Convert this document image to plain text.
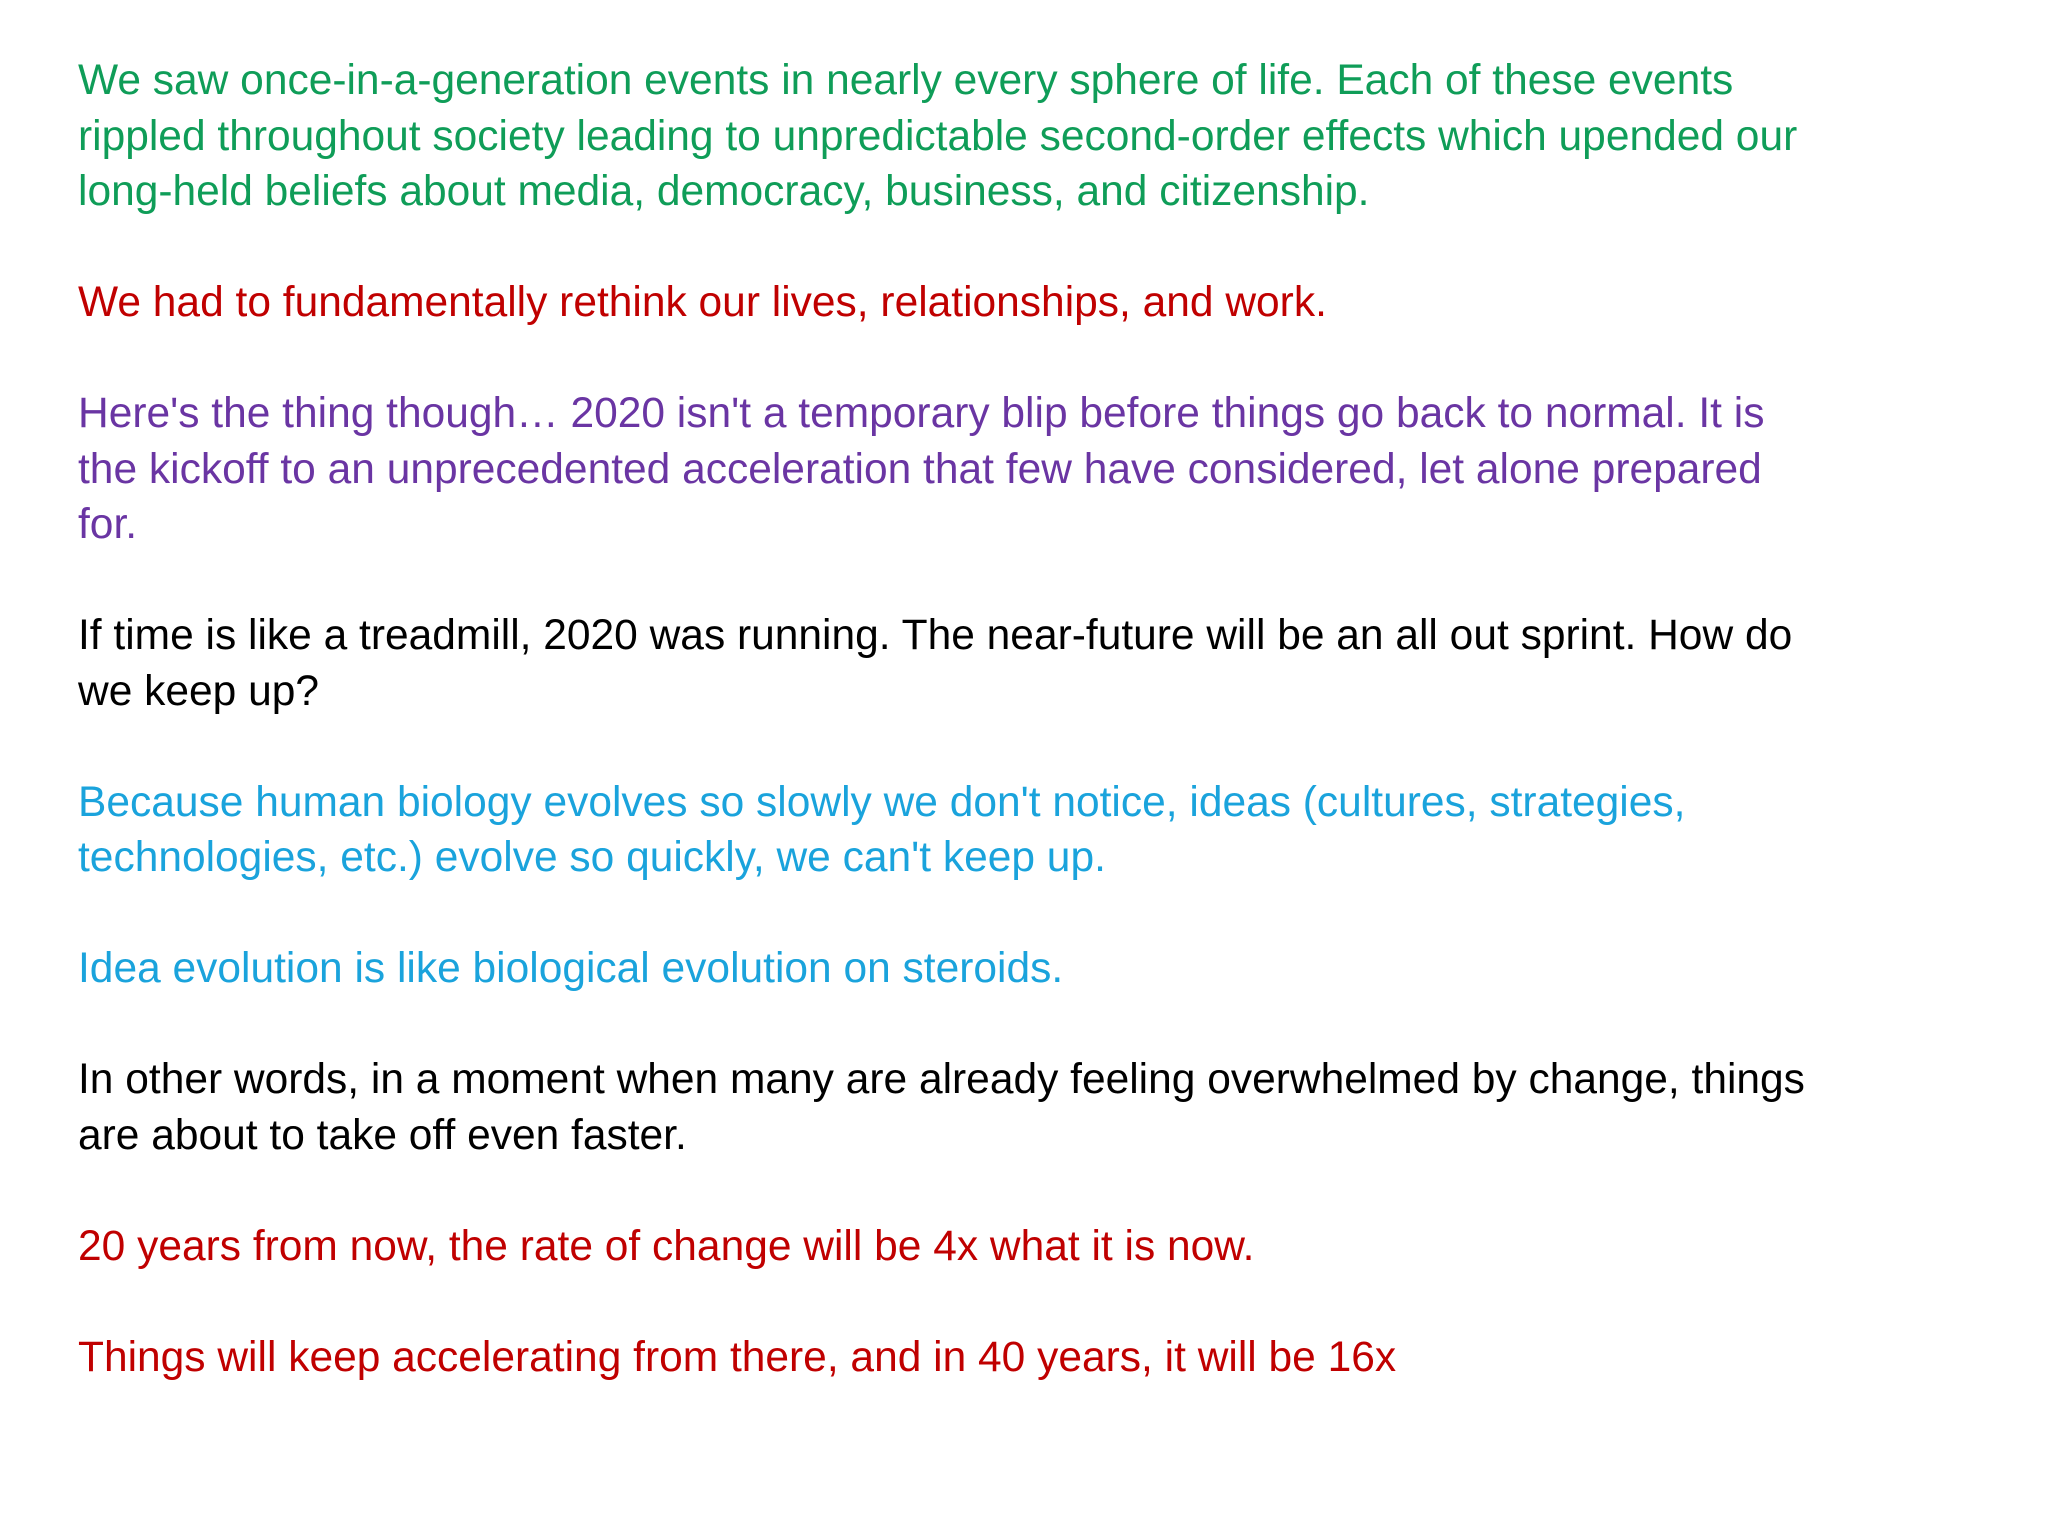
We saw once-in-a-generation events in nearly every sphere of life. Each of these events
rippled throughout society leading to unpredictable second-order effects which upended our
long-held beliefs about media, democracy, business, and citizenship.

We had to fundamentally rethink our lives, relationships, and work.

Here's the thing though… 2020 isn't a temporary blip before things go back to normal. It is
the kickoff to an unprecedented acceleration that few have considered, let alone prepared
for.

If time is like a treadmill, 2020 was running. The near-future will be an all out sprint. How do
we keep up?

Because human biology evolves so slowly we don't notice, ideas (cultures, strategies,
technologies, etc.) evolve so quickly, we can't keep up.

Idea evolution is like biological evolution on steroids.

In other words, in a moment when many are already feeling overwhelmed by change, things
are about to take off even faster.

20 years from now, the rate of change will be 4x what it is now.

Things will keep accelerating from there, and in 40 years, it will be 16x
